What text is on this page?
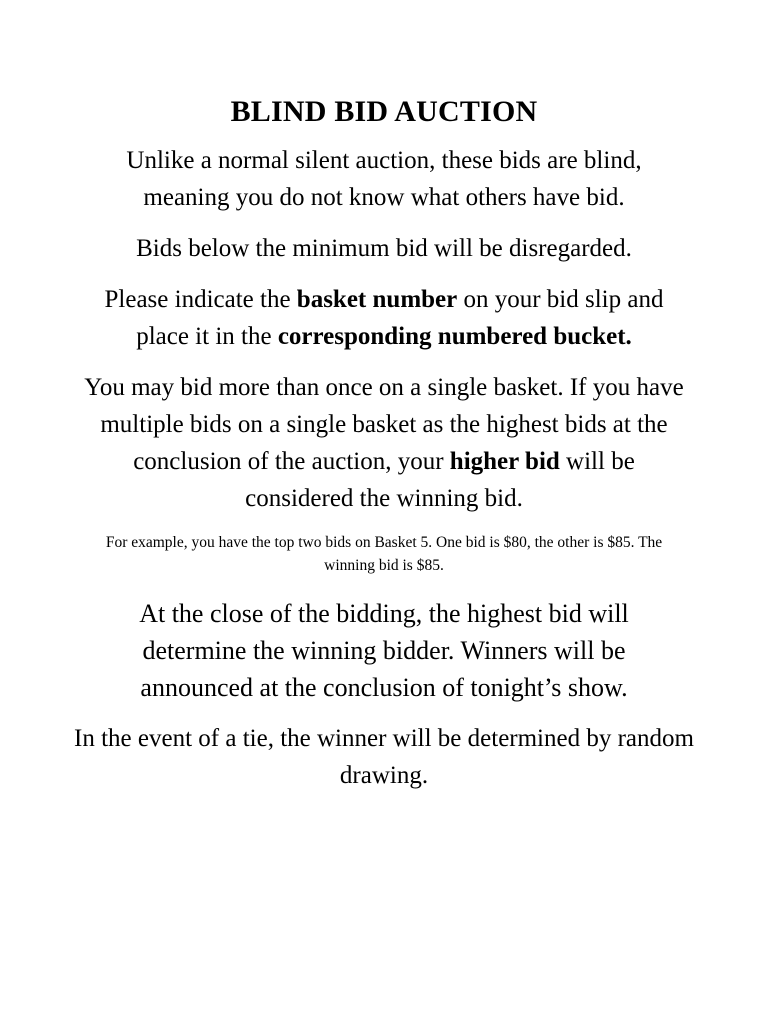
BLIND BID AUCTION

Unlike a normal silent auction, these bids are blind, meaning you do not know what others have bid.

Bids below the minimum bid will be disregarded.

Please indicate the basket number on your bid slip and place it in the corresponding numbered bucket.

You may bid more than once on a single basket. If you have multiple bids on a single basket as the highest bids at the conclusion of the auction, your higher bid will be considered the winning bid.

For example, you have the top two bids on Basket 5. One bid is $80, the other is $85. The winning bid is $85.

At the close of the bidding, the highest bid will determine the winning bidder. Winners will be announced at the conclusion of tonight’s show.

In the event of a tie, the winner will be determined by random drawing.
